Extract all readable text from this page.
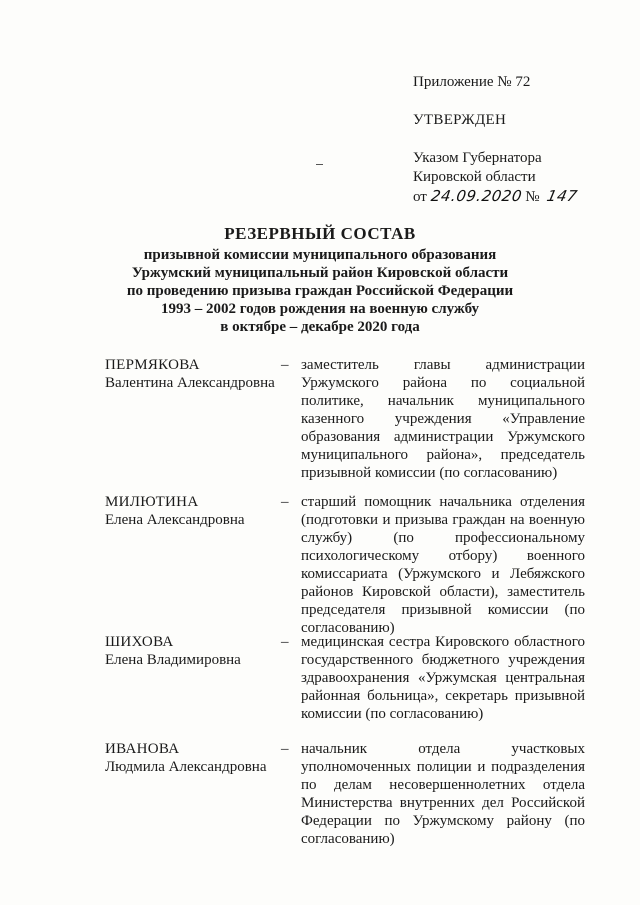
Приложение № 72
УТВЕРЖДЕН
Указом Губернатора
Кировской области
от 24.09.2020 № 147
РЕЗЕРВНЫЙ СОСТАВ
призывной комиссии муниципального образования
Уржумский муниципальный район Кировской области
по проведению призыва граждан Российской Федерации
1993 – 2002 годов рождения на военную службу
в октябре – декабре 2020 года
ПЕРМЯКОВА
Валентина Александровна
– заместитель главы администрации Уржумского района по социальной политике, начальник муниципального казенного учреждения «Управление образования администрации Уржумского муниципального района», председатель призывной комиссии (по согласованию)
МИЛЮТИНА
Елена Александровна
– старший помощник начальника отделения (подготовки и призыва граждан на военную службу) (по профессиональному психологическому отбору) военного комиссариата (Уржумского и Лебяжского районов Кировской области), заместитель председателя призывной комиссии (по согласованию)
ШИХОВА
Елена Владимировна
– медицинская сестра Кировского областного государственного бюджетного учреждения здравоохранения «Уржумская центральная районная больница», секретарь призывной комиссии (по согласованию)
ИВАНОВА
Людмила Александровна
– начальник отдела участковых уполномоченных полиции и подразделения по делам несовершеннолетних отдела Министерства внутренних дел Российской Федерации по Уржумскому району (по согласованию)
